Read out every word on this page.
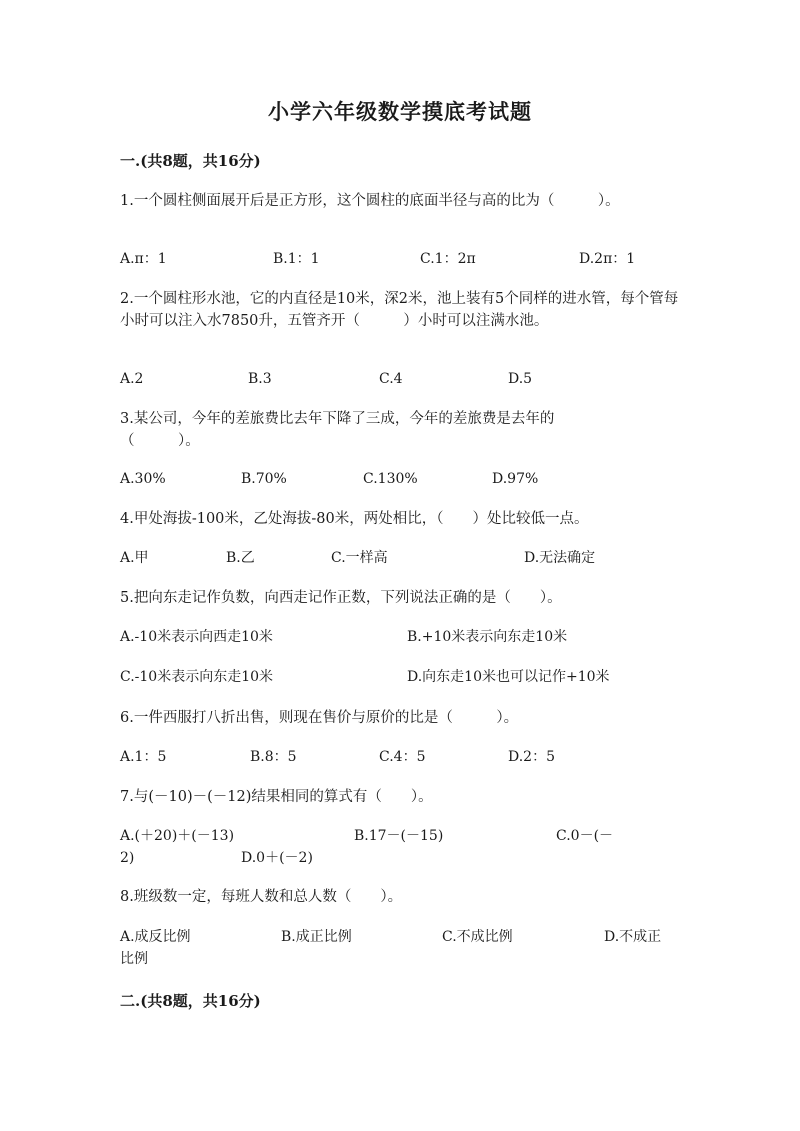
小学六年级数学摸底考试题
一.(共8题，共16分)
1.一个圆柱侧面展开后是正方形，这个圆柱的底面半径与高的比为（　　　）。
A.π：1	B.1：1	C.1：2π	D.2π：1
2.一个圆柱形水池，它的内直径是10米，深2米，池上装有5个同样的进水管，每个管每小时可以注入水7850升，五管齐开（　　　）小时可以注满水池。
A.2	B.3	C.4	D.5
3.某公司，今年的差旅费比去年下降了三成，今年的差旅费是去年的（　　　）。
A.30%	B.70%	C.130%	D.97%
4.甲处海拔-100米，乙处海拔-80米，两处相比，（　　）处比较低一点。
A.甲	B.乙	C.一样高	D.无法确定
5.把向东走记作负数，向西走记作正数，下列说法正确的是（　　）。
A.-10米表示向西走10米	B.+10米表示向东走10米
C.-10米表示向东走10米	D.向东走10米也可以记作+10米
6.一件西服打八折出售，则现在售价与原价的比是（　　　）。
A.1：5	B.8：5	C.4：5	D.2：5
7.与(－10)－(－12)结果相同的算式有（　　）。
A.(＋20)＋(－13)	B.17－(－15)	C.0－(－
2)	D.0＋(－2)
8.班级数一定，每班人数和总人数（　　）。
A.成反比例	B.成正比例	C.不成比例	D.不成正
比例
二.(共8题，共16分)
